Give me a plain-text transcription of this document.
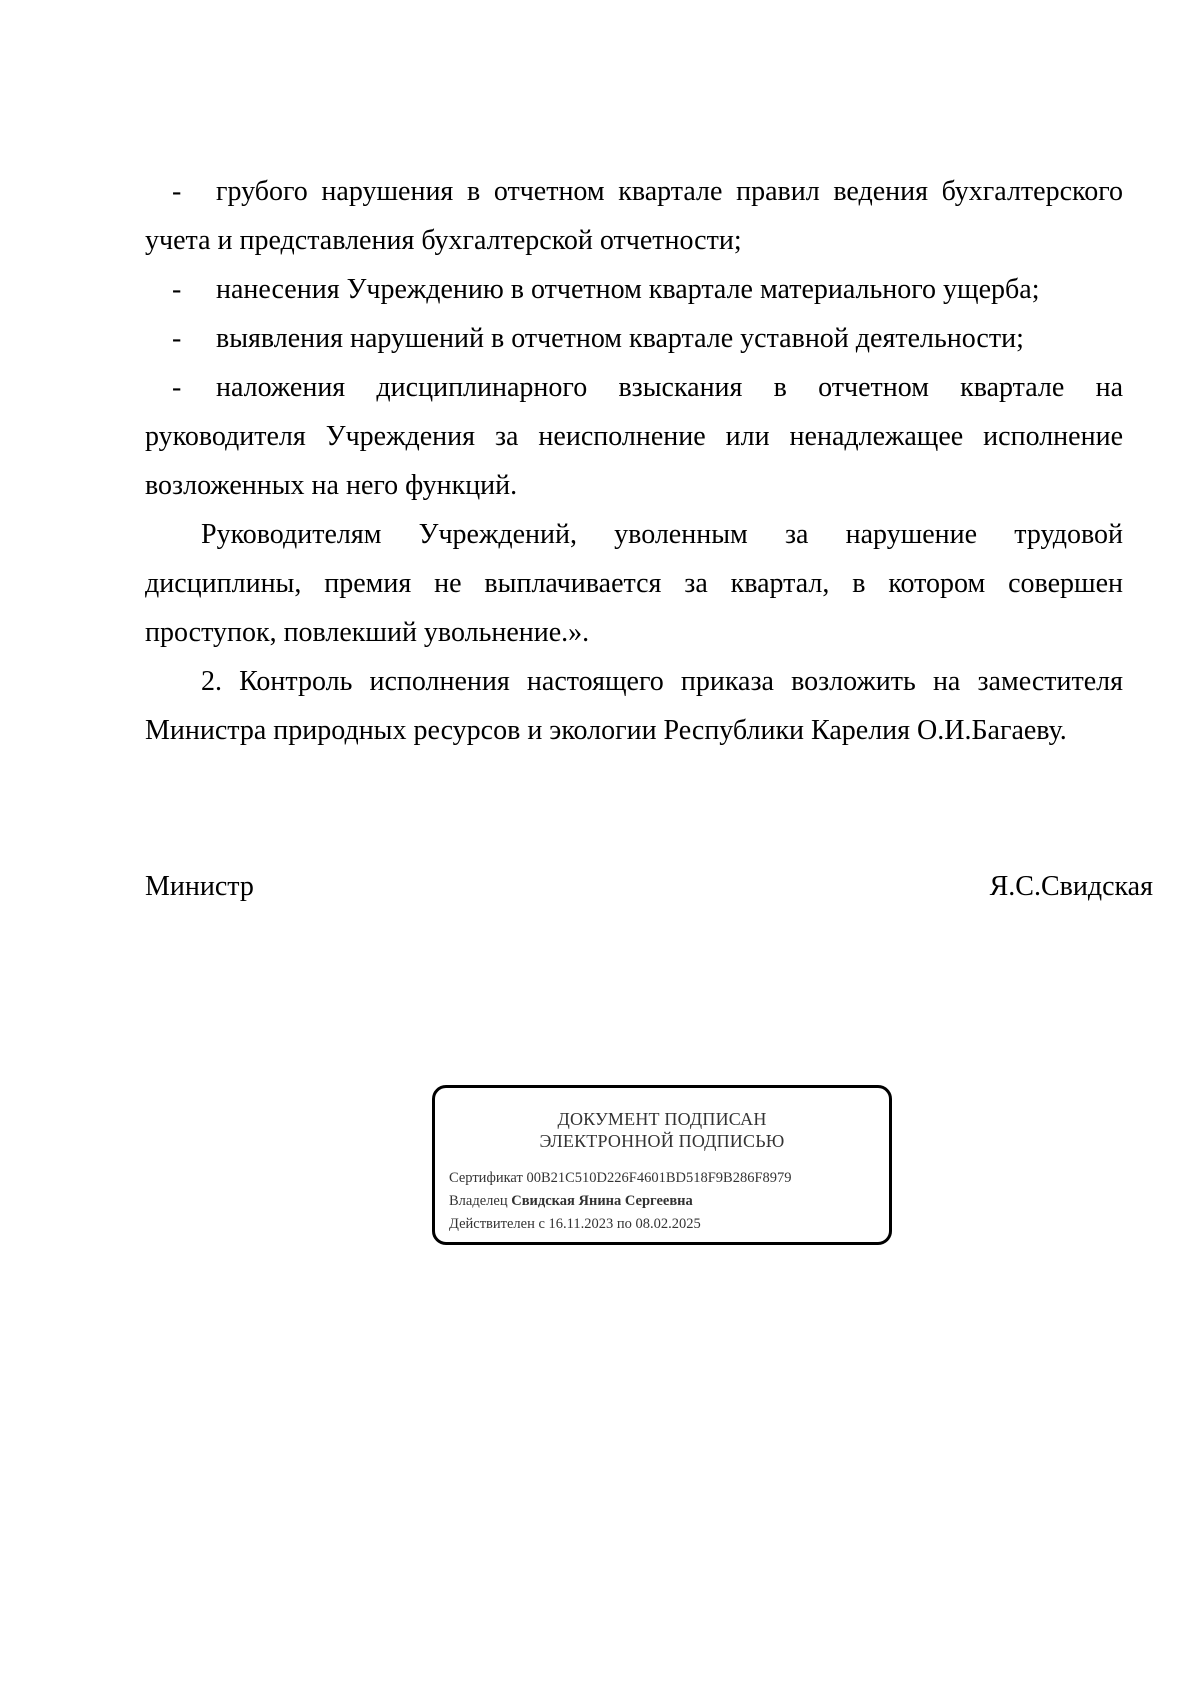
-	грубого нарушения в отчетном квартале правил ведения бухгалтерского
учета и представления бухгалтерской отчетности;
-	нанесения Учреждению в отчетном квартале материального ущерба;
-	выявления нарушений в отчетном квартале уставной деятельности;
-	наложения дисциплинарного взыскания в отчетном квартале на
руководителя Учреждения за неисполнение или ненадлежащее исполнение
возложенных на него функций.
Руководителям Учреждений, уволенным за нарушение трудовой
дисциплины, премия не выплачивается за квартал, в котором совершен
проступок, повлекший увольнение.».
2. Контроль исполнения настоящего приказа возложить на заместителя
Министра природных ресурсов и экологии Республики Карелия О.И.Багаеву.
Министр	Я.С.Свидская
ДОКУМЕНТ ПОДПИСАН
ЭЛЕКТРОННОЙ ПОДПИСЬЮ
Сертификат 00B21C510D226F4601BD518F9B286F8979
Владелец Свидская Янина Сергеевна
Действителен с 16.11.2023 по 08.02.2025
